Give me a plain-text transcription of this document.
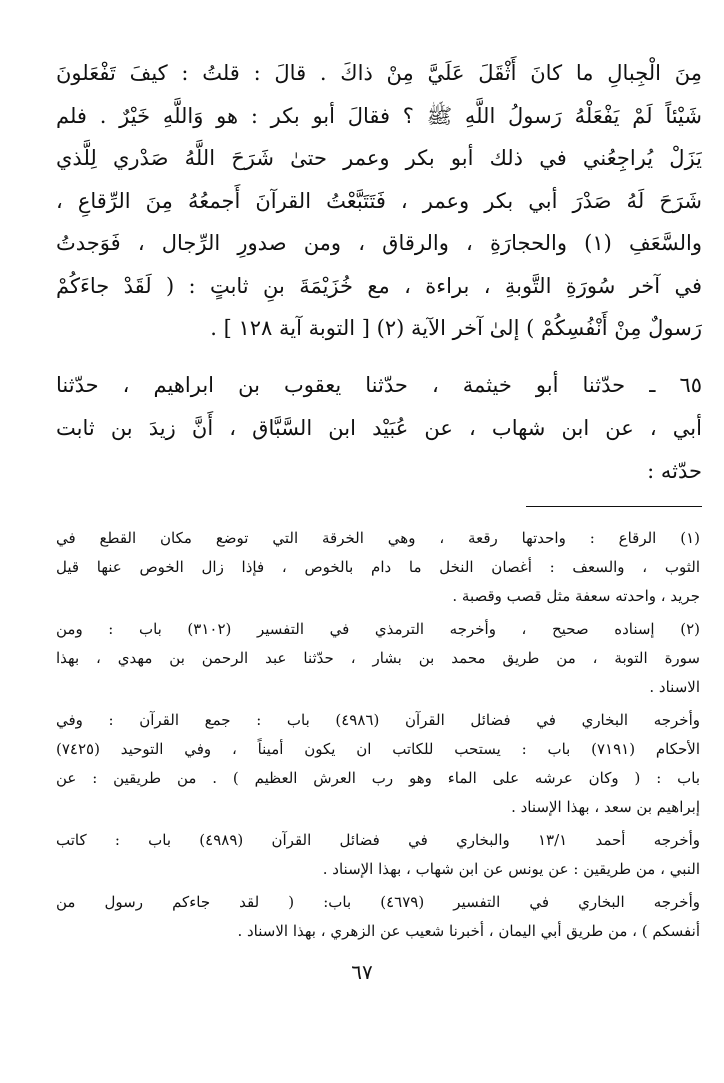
مِنَ الْجِبالِ ما كانَ أَثْقَلَ عَلَيَّ مِنْ ذاكَ . قالَ : قلتُ : كيفَ تَفْعَلونَ
شَيْئاً لَمْ يَفْعَلْهُ رَسولُ اللَّهِ ﷺ ؟ فقالَ أبو بكر : هو وَاللَّهِ خَيْرٌ . فلم
يَزَلْ يُراجِعُني في ذلك أبو بكر وعمر حتىٰ شَرَحَ اللَّهُ صَدْري لِلَّذي
شَرَحَ لَهُ صَدْرَ أبي بكر وعمر ، فَتَتَبَّعْتُ القرآنَ أَجمعُهُ مِنَ الرِّقاعِ ،
والسَّعَفِ (١) والحجارَةِ ، والرقاق ، ومن صدورِ الرِّجال ، فَوَجدتُ
في آخر سُورَةِ التَّوبةِ ، براءة ، مع خُزَيْمَةَ بنِ ثابتٍ : ( لَقَدْ جاءَكُمْ
رَسولٌ مِنْ أَنْفُسِكُمْ ) إلىٰ آخر الآية (٢) [ التوبة آية ١٢٨ ] .
٦٥ ـ حدّثنا أبو خيثمة ، حدّثنا يعقوب بن ابراهيم ، حدّثنا
أبي ، عن ابن شهاب ، عن عُبَيْد ابن السَّبَّاق ، أَنَّ زيدَ بن ثابت
حدّثه :
(١) الرقاع : واحدتها رقعة ، وهي الخرقة التي توضع مكان القطع في
الثوب ، والسعف : أغصان النخل ما دام بالخوص ، فإذا زال الخوص عنها قيل
جريد ، واحدته سعفة مثل قصب وقصبة .
(٢) إسناده صحيح ، وأخرجه الترمذي في التفسير (٣١٠٢) باب : ومن
سورة التوبة ، من طريق محمد بن بشار ، حدّثنا عبد الرحمن بن مهدي ، بهذا
الاسناد .
وأخرجه البخاري في فضائل القرآن (٤٩٨٦) باب : جمع القرآن : وفي
الأحكام (٧١٩١) باب : يستحب للكاتب ان يكون أميناً ، وفي التوحيد (٧٤٢٥)
باب : ( وكان عرشه على الماء وهو رب العرش العظيم ) . من طريقين : عن
إبراهيم بن سعد ، بهذا الإسناد .
وأخرجه أحمد ١٣/١ والبخاري في فضائل القرآن (٤٩٨٩) باب : كاتب
النبي ، من طريقين : عن يونس عن ابن شهاب ، بهذا الإسناد .
وأخرجه البخاري في التفسير (٤٦٧٩) باب: ( لقد جاءكم رسول من
أنفسكم ) ، من طريق أبي اليمان ، أخبرنا شعيب عن الزهري ، بهذا الاسناد .
٦٧
